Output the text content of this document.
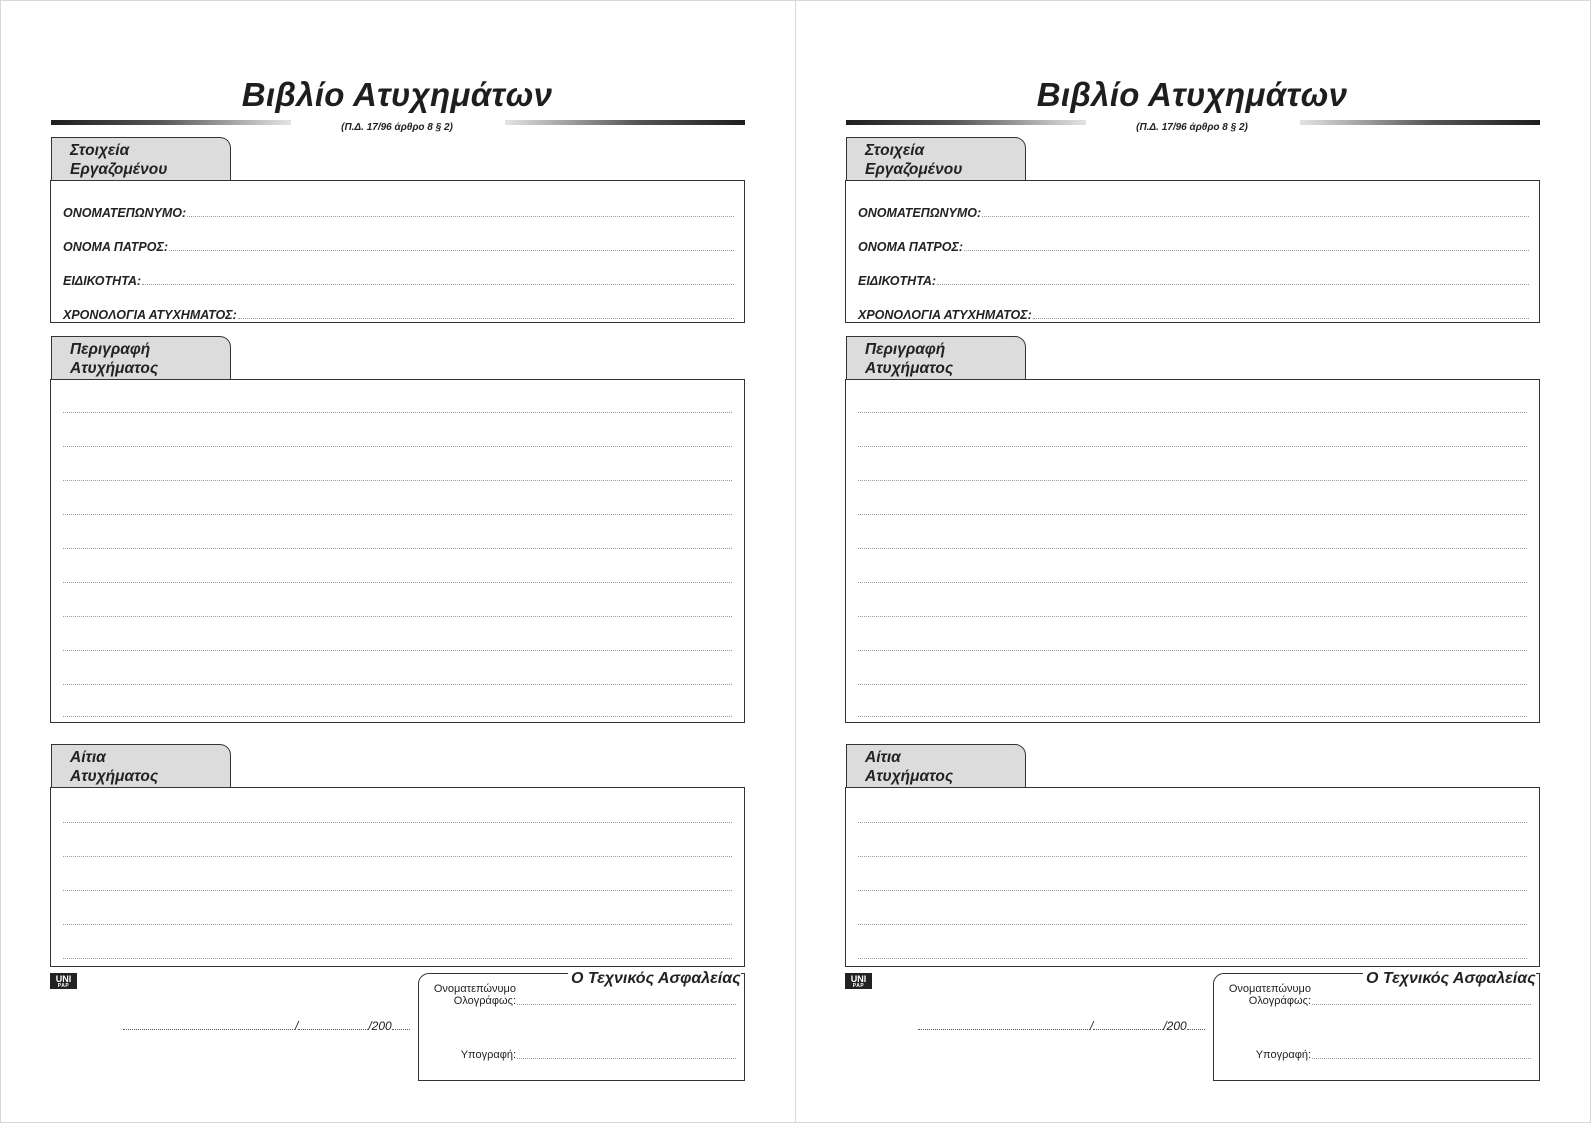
Βιβλίο Ατυχημάτων
(Π.Δ. 17/96 άρθρο 8 § 2)
Στοιχεία
Εργαζομένου
ΟΝΟΜΑΤΕΠΩΝΥΜΟ:
ΟΝΟΜΑ ΠΑΤΡΟΣ:
ΕΙΔΙΚΟΤΗΤΑ:
ΧΡΟΝΟΛΟΓΙΑ ΑΤΥΧΗΜΑΤΟΣ:
Περιγραφή
Ατυχήματος
Αίτια
Ατυχήματος
UNI
PAP
/	/200
Ονοματεπώνυμο
Ολογράφως:
Υπογραφή:
Ο Τεχνικός Ασφαλείας
Βιβλίο Ατυχημάτων
(Π.Δ. 17/96 άρθρο 8 § 2)
Στοιχεία
Εργαζομένου
ΟΝΟΜΑΤΕΠΩΝΥΜΟ:
ΟΝΟΜΑ ΠΑΤΡΟΣ:
ΕΙΔΙΚΟΤΗΤΑ:
ΧΡΟΝΟΛΟΓΙΑ ΑΤΥΧΗΜΑΤΟΣ:
Περιγραφή
Ατυχήματος
Αίτια
Ατυχήματος
UNI
PAP
/	/200
Ονοματεπώνυμο
Ολογράφως:
Υπογραφή:
Ο Τεχνικός Ασφαλείας
